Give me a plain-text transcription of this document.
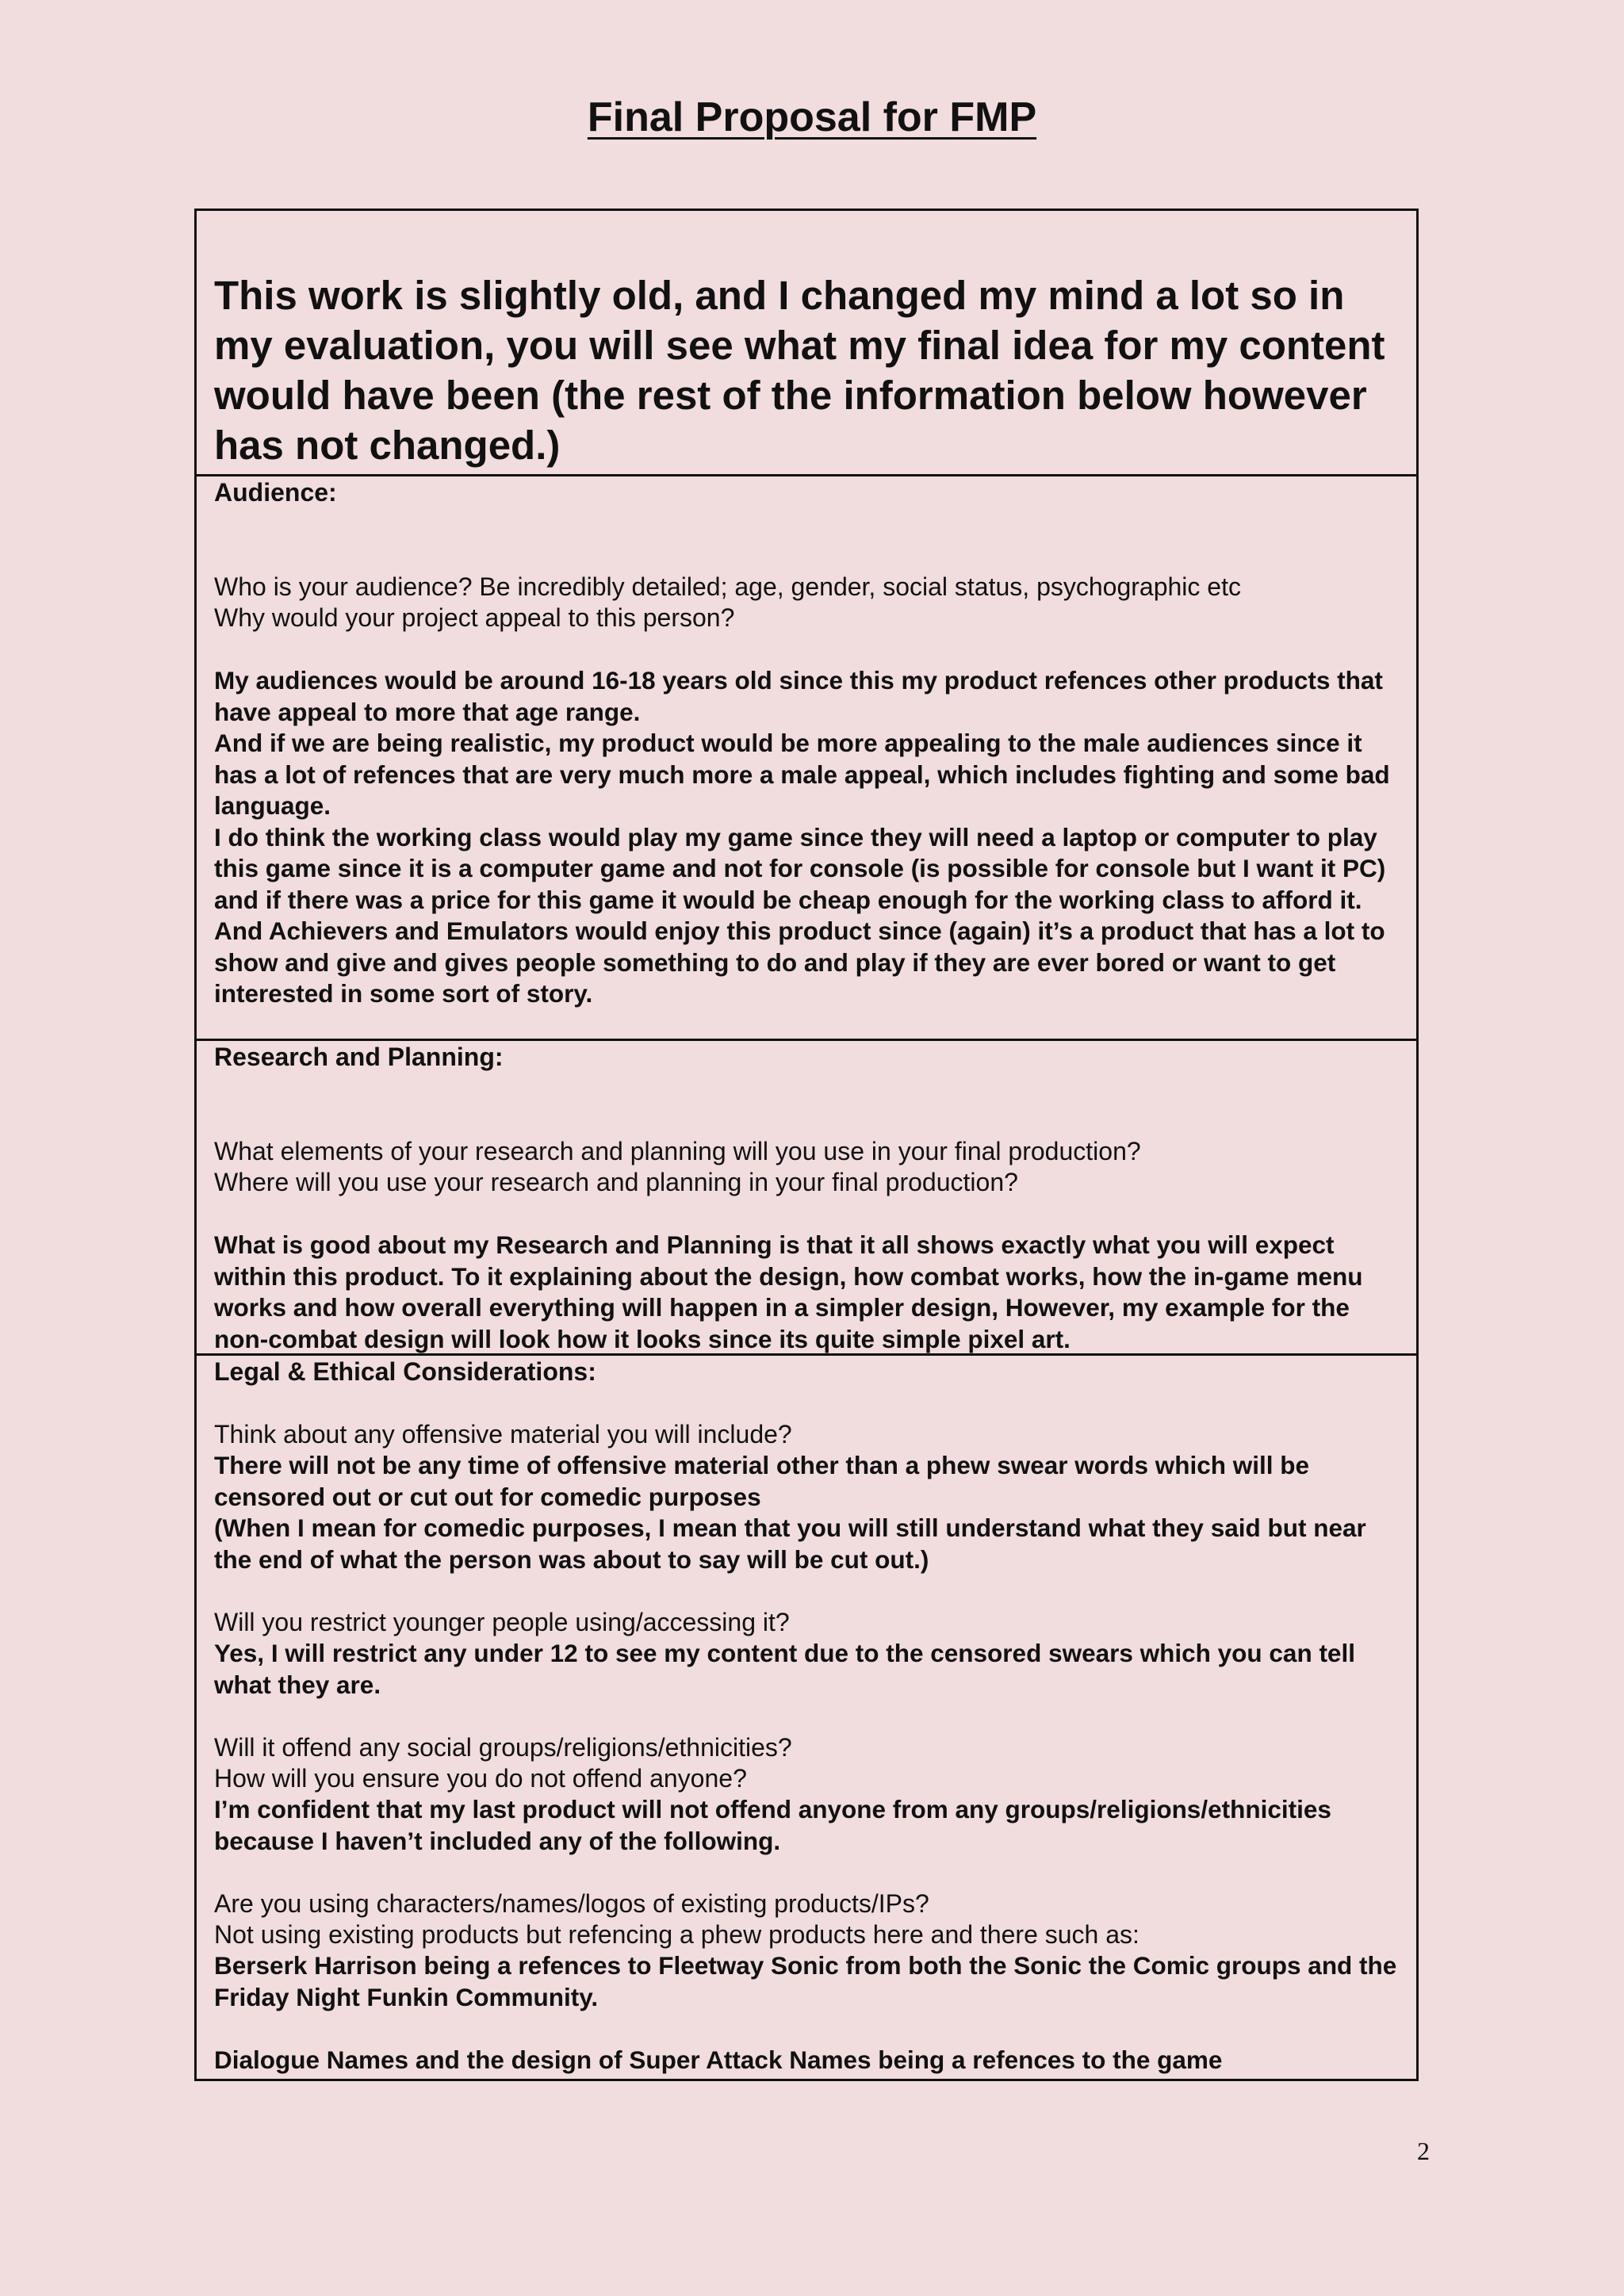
Final Proposal for FMP

This work is slightly old, and I changed my mind a lot so in my evaluation, you will see what my final idea for my content would have been (the rest of the information below however has not changed.)

Audience:

Who is your audience? Be incredibly detailed; age, gender, social status, psychographic etc

Why would your project appeal to this person?

My audiences would be around 16-18 years old since this my product refences other products that have appeal to more that age range.
And if we are being realistic, my product would be more appealing to the male audiences since it has a lot of refences that are very much more a male appeal, which includes fighting and some bad language.
I do think the working class would play my game since they will need a laptop or computer to play this game since it is a computer game and not for console (is possible for console but I want it PC) and if there was a price for this game it would be cheap enough for the working class to afford it.
And Achievers and Emulators would enjoy this product since (again) it’s a product that has a lot to show and give and gives people something to do and play if they are ever bored or want to get interested in some sort of story.

Research and Planning:

What elements of your research and planning will you use in your final production?

Where will you use your research and planning in your final production?

What is good about my Research and Planning is that it all shows exactly what you will expect within this product. To it explaining about the design, how combat works, how the in-game menu works and how overall everything will happen in a simpler design, However, my example for the non-combat design will look how it looks since its quite simple pixel art.

Legal & Ethical Considerations:

Think about any offensive material you will include?

There will not be any time of offensive material other than a phew swear words which will be censored out or cut out for comedic purposes
(When I mean for comedic purposes, I mean that you will still understand what they said but near the end of what the person was about to say will be cut out.)

Will you restrict younger people using/accessing it?

Yes, I will restrict any under 12 to see my content due to the censored swears which you can tell what they are.

Will it offend any social groups/religions/ethnicities?

How will you ensure you do not offend anyone?

I’m confident that my last product will not offend anyone from any groups/religions/ethnicities because I haven’t included any of the following.

Are you using characters/names/logos of existing products/IPs?

Not using existing products but refencing a phew products here and there such as:

Berserk Harrison being a refences to Fleetway Sonic from both the Sonic the Comic groups and the Friday Night Funkin Community.

Dialogue Names and the design of Super Attack Names being a refences to the game

2
